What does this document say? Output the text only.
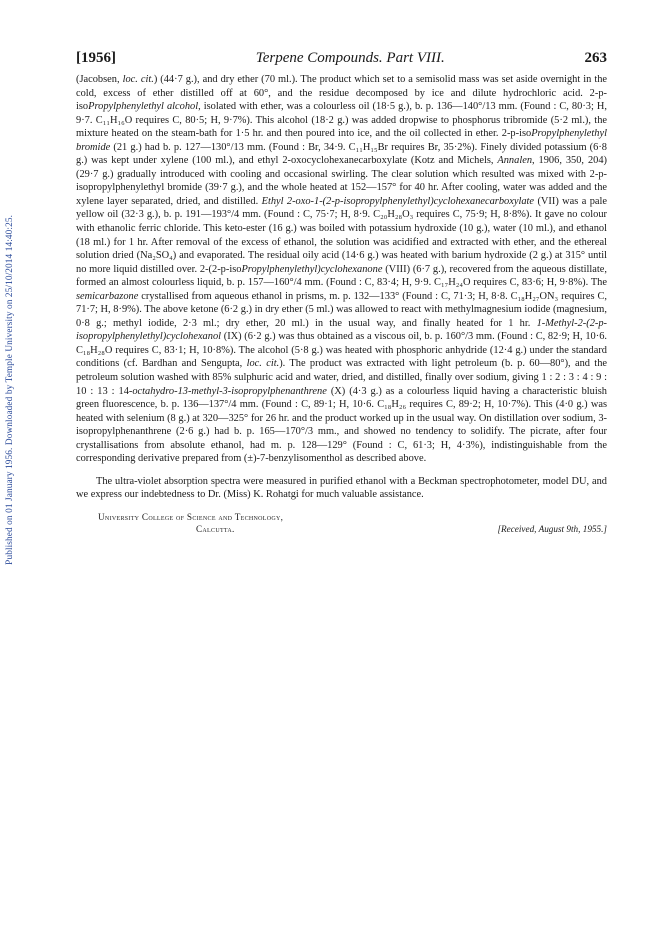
Published on 01 January 1956. Downloaded by Temple University on 25/10/2014 14:40:25.
[1956]	Terpene Compounds. Part VIII.	263

(Jacobsen, loc. cit.) (44·7 g.), and dry ether (70 ml.). The product which set to a semisolid mass was set aside overnight in the cold, excess of ether distilled off at 60°, and the residue decomposed by ice and dilute hydrochloric acid. 2-p-isoPropylphenylethyl alcohol, isolated with ether, was a colourless oil (18·5 g.), b. p. 136—140°/13 mm. (Found : C, 80·3; H, 9·7. C₁₁H₁₆O requires C, 80·5; H, 9·7%). This alcohol (18·2 g.) was added dropwise to phosphorus tribromide (5·2 ml.), the mixture heated on the steam-bath for 1·5 hr. and then poured into ice, and the oil collected in ether. 2-p-isoPropylphenylethyl bromide (21 g.) had b. p. 127—130°/13 mm. (Found : Br, 34·9. C₁₁H₁₅Br requires Br, 35·2%). Finely divided potassium (6·8 g.) was kept under xylene (100 ml.), and ethyl 2-oxocyclohexanecarboxylate (Kotz and Michels, Annalen, 1906, 350, 204) (29·7 g.) gradually introduced with cooling and occasional swirling. The clear solution which resulted was mixed with 2-p-isopropylphenylethyl bromide (39·7 g.), and the whole heated at 152—157° for 40 hr. After cooling, water was added and the xylene layer separated, dried, and distilled. Ethyl 2-oxo-1-(2-p-isopropylphenylethyl)cyclohexanecarboxylate (VII) was a pale yellow oil (32·3 g.), b. p. 191—193°/4 mm. (Found : C, 75·7; H, 8·9. C₂₀H₂₈O₃ requires C, 75·9; H, 8·8%). It gave no colour with ethanolic ferric chloride. This keto-ester (16 g.) was boiled with potassium hydroxide (10 g.), water (10 ml.), and ethanol (18 ml.) for 1 hr. After removal of the excess of ethanol, the solution was acidified and extracted with ether, and the ethereal solution dried (Na₂SO₄) and evaporated. The residual oily acid (14·6 g.) was heated with barium hydroxide (2 g.) at 315° until no more liquid distilled over. 2-(2-p-isoPropylphenylethyl)cyclohexanone (VIII) (6·7 g.), recovered from the aqueous distillate, formed an almost colourless liquid, b. p. 157—160°/4 mm. (Found : C, 83·4; H, 9·9. C₁₇H₂₄O requires C, 83·6; H, 9·8%). The semicarbazone crystallised from aqueous ethanol in prisms, m. p. 132—133° (Found : C, 71·3; H, 8·8. C₁₈H₂₇ON₃ requires C, 71·7; H, 8·9%). The above ketone (6·2 g.) in dry ether (5 ml.) was allowed to react with methylmagnesium iodide (magnesium, 0·8 g.; methyl iodide, 2·3 ml.; dry ether, 20 ml.) in the usual way, and finally heated for 1 hr. 1-Methyl-2-(2-p-isopropylphenylethyl)cyclohexanol (IX) (6·2 g.) was thus obtained as a viscous oil, b. p. 160°/3 mm. (Found : C, 82·9; H, 10·6. C₁₈H₂₈O requires C, 83·1; H, 10·8%). The alcohol (5·8 g.) was heated with phosphoric anhydride (12·4 g.) under the standard conditions (cf. Bardhan and Sengupta, loc. cit.). The product was extracted with light petroleum (b. p. 60—80°), and the petroleum solution washed with 85% sulphuric acid and water, dried, and distilled, finally over sodium, giving 1 : 2 : 3 : 4 : 9 : 10 : 13 : 14-octahydro-13-methyl-3-isopropylphenanthrene (X) (4·3 g.) as a colourless liquid having a characteristic bluish green fluorescence, b. p. 136—137°/4 mm. (Found : C, 89·1; H, 10·6. C₁₈H₂₆ requires C, 89·2; H, 10·7%). This (4·0 g.) was heated with selenium (8 g.) at 320—325° for 26 hr. and the product worked up in the usual way. On distillation over sodium, 3-isopropylphenanthrene (2·6 g.) had b. p. 165—170°/3 mm., and showed no tendency to solidify. The picrate, after four crystallisations from absolute ethanol, had m. p. 128—129° (Found : C, 61·3; H, 4·3%), indistinguishable from the corresponding derivative prepared from (±)-7-benzylisomenthol as described above.

The ultra-violet absorption spectra were measured in purified ethanol with a Beckman spectrophotometer, model DU, and we express our indebtedness to Dr. (Miss) K. Rohatgi for much valuable assistance.

University College of Science and Technology,
Calcutta.	[Received, August 9th, 1955.]
